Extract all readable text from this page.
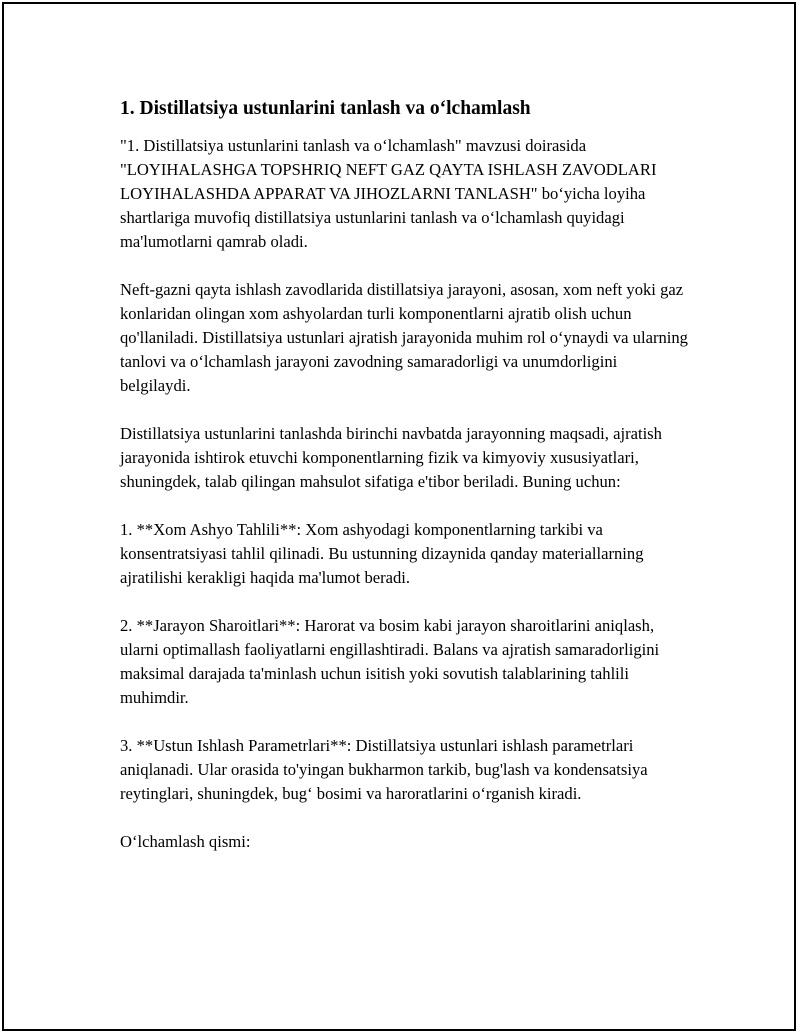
1. Distillatsiya ustunlarini tanlash va o‘lchamlash

"1. Distillatsiya ustunlarini tanlash va o‘lchamlash" mavzusi doirasida "LOYIHALASHGA TOPSHRIQ NEFT GAZ QAYTA ISHLASH ZAVODLARI LOYIHALASHDA APPARAT VA JIHOZLARNI TANLASH" bo‘yicha loyiha shartlariga muvofiq distillatsiya ustunlarini tanlash va o‘lchamlash quyidagi ma'lumotlarni qamrab oladi.

Neft-gazni qayta ishlash zavodlarida distillatsiya jarayoni, asosan, xom neft yoki gaz konlaridan olingan xom ashyolardan turli komponentlarni ajratib olish uchun qo'llaniladi. Distillatsiya ustunlari ajratish jarayonida muhim rol o‘ynaydi va ularning tanlovi va o‘lchamlash jarayoni zavodning samaradorligi va unumdorligini belgilaydi.

Distillatsiya ustunlarini tanlashda birinchi navbatda jarayonning maqsadi, ajratish jarayonida ishtirok etuvchi komponentlarning fizik va kimyoviy xususiyatlari, shuningdek, talab qilingan mahsulot sifatiga e'tibor beriladi. Buning uchun:

1. **Xom Ashyo Tahlili**: Xom ashyodagi komponentlarning tarkibi va konsentratsiyasi tahlil qilinadi. Bu ustunning dizaynida qanday materiallarning ajratilishi kerakligi haqida ma'lumot beradi.

2. **Jarayon Sharoitlari**: Harorat va bosim kabi jarayon sharoitlarini aniqlash, ularni optimallash faoliyatlarni engillashtiradi. Balans va ajratish samaradorligini maksimal darajada ta'minlash uchun isitish yoki sovutish talablarining tahlili muhimdir.

3. **Ustun Ishlash Parametrlari**: Distillatsiya ustunlari ishlash parametrlari aniqlanadi. Ular orasida to'yingan bukharmon tarkib, bug'lash va kondensatsiya reytinglari, shuningdek, bug‘ bosimi va haroratlarini o‘rganish kiradi.

O‘lchamlash qismi:
